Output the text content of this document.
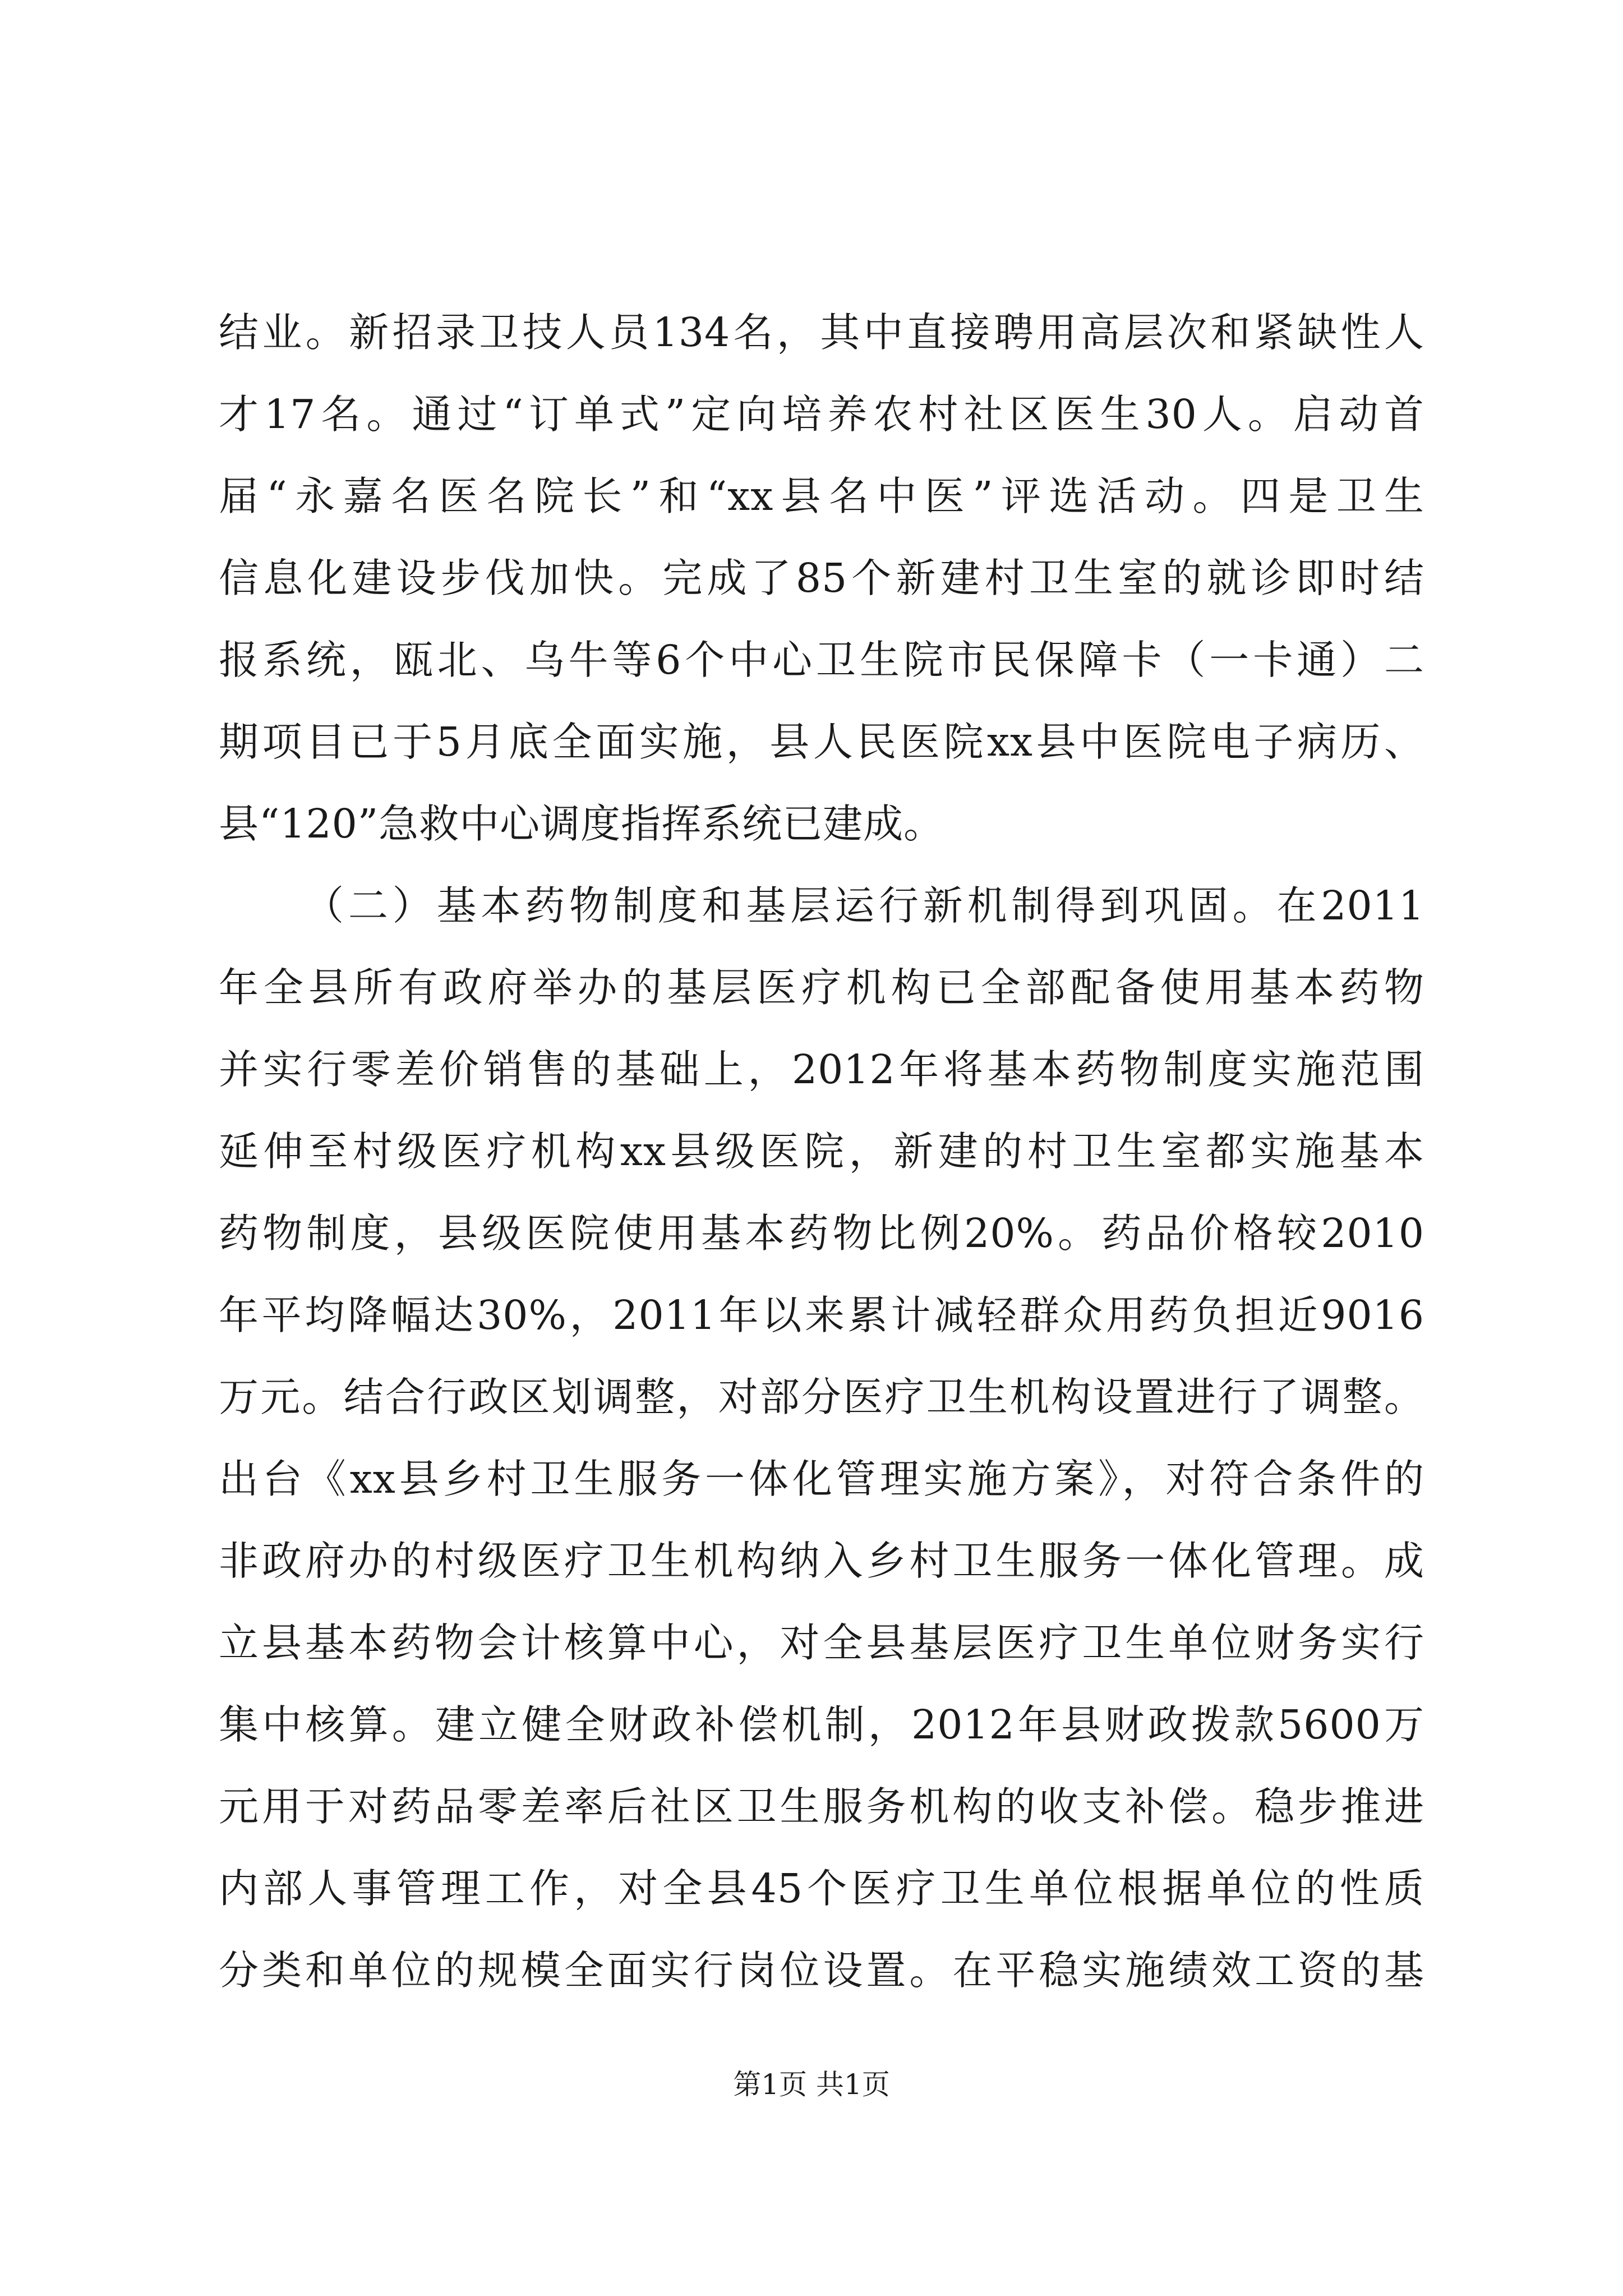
结业。新招录卫技人员134名，其中直接聘用高层次和紧缺性人
才17名。通过“订单式”定向培养农村社区医生30人。启动首
届“永嘉名医名院长”和“xx县名中医”评选活动。四是卫生
信息化建设步伐加快。完成了85个新建村卫生室的就诊即时结
报系统，瓯北、乌牛等6个中心卫生院市民保障卡（一卡通）二
期项目已于5月底全面实施，县人民医院xx县中医院电子病历、
县“120”急救中心调度指挥系统已建成。
（二）基本药物制度和基层运行新机制得到巩固。在2011
年全县所有政府举办的基层医疗机构已全部配备使用基本药物
并实行零差价销售的基础上，2012年将基本药物制度实施范围
延伸至村级医疗机构xx县级医院，新建的村卫生室都实施基本
药物制度，县级医院使用基本药物比例20%。药品价格较2010
年平均降幅达30%，2011年以来累计减轻群众用药负担近9016
万元。结合行政区划调整，对部分医疗卫生机构设置进行了调整。
出台《xx县乡村卫生服务一体化管理实施方案》，对符合条件的
非政府办的村级医疗卫生机构纳入乡村卫生服务一体化管理。成
立县基本药物会计核算中心，对全县基层医疗卫生单位财务实行
集中核算。建立健全财政补偿机制，2012年县财政拨款5600万
元用于对药品零差率后社区卫生服务机构的收支补偿。稳步推进
内部人事管理工作，对全县45个医疗卫生单位根据单位的性质
分类和单位的规模全面实行岗位设置。在平稳实施绩效工资的基
第1页 共1页
